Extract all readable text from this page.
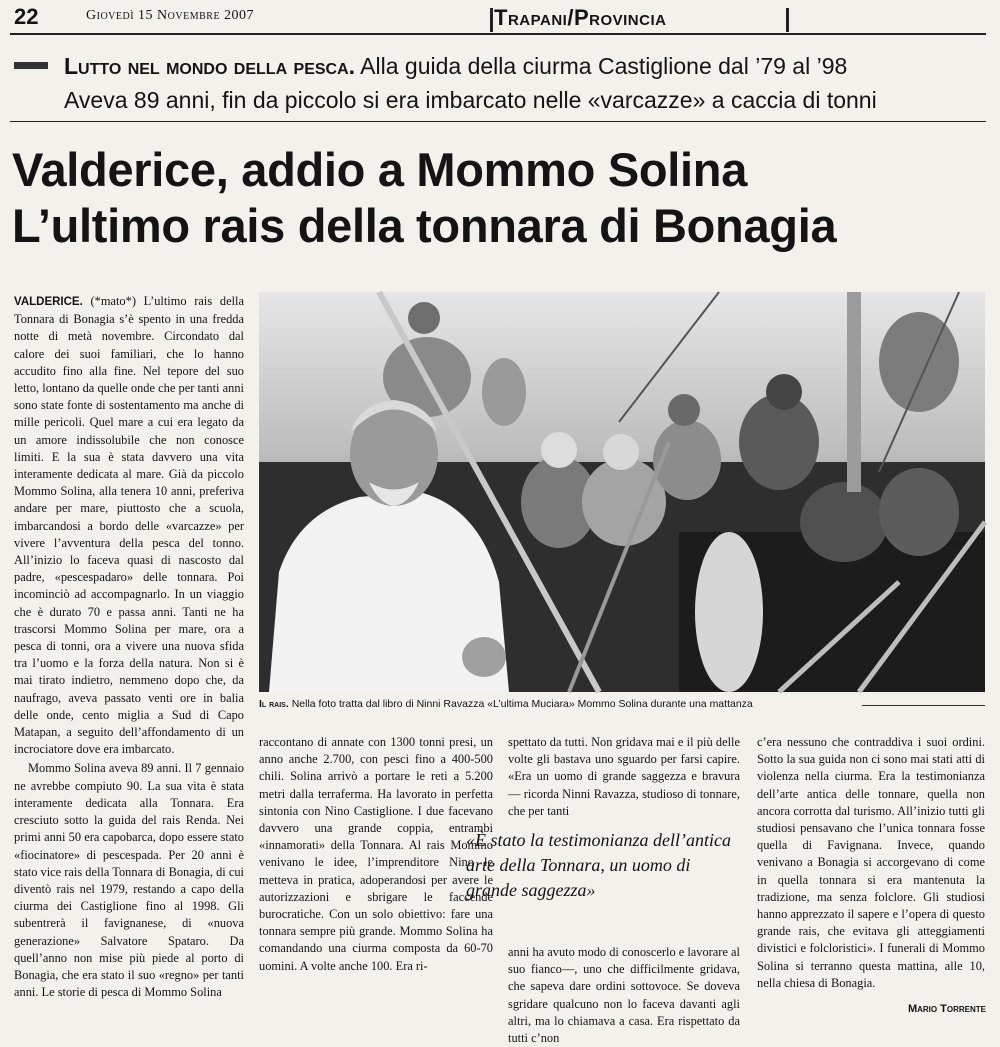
22	Giovedì 15 Novembre 2007	Trapani/Provincia
Lutto nel mondo della pesca. Alla guida della ciurma Castiglione dal ’79 al ’98
Aveva 89 anni, fin da piccolo si era imbarcato nelle «varcazze» a caccia di tonni
Valderice, addio a Mommo Solina
L’ultimo rais della tonnara di Bonagia

VALDERICE. (*mato*) L’ultimo rais della Tonnara di Bonagia s’è spento in una fredda notte di metà novembre. Circondato dal calore dei suoi familiari, che lo hanno accudito fino alla fine. Nel tepore del suo letto, lontano da quelle onde che per tanti anni sono state fonte di sostentamento ma anche di mille pericoli. Quel mare a cui era legato da un amore indissolubile che non conosce limiti. E la sua è stata davvero una vita interamente dedicata al mare. Già da piccolo Mommo Solina, alla tenera 10 anni, preferiva andare per mare, piuttosto che a scuola, imbarcandosi a bordo delle «varcazze» per vivere l’avventura della pesca del tonno. All’inizio lo faceva quasi di nascosto dal padre, «pescespadaro» delle tonnara. Poi incominciò ad accompagnarlo. In un viaggio che è durato 70 e passa anni. Tanti ne ha trascorsi Mommo Solina per mare, ora a pesca di tonni, ora a vivere una nuova sfida tra l’uomo e la forza della natura. Non si è mai tirato indietro, nemmeno dopo che, da naufrago, aveva passato venti ore in balia delle onde, cento miglia a Sud di Capo Matapan, a seguito dell’affondamento di un incrociatore dove era imbarcato.

Mommo Solina aveva 89 anni. Il 7 gennaio ne avrebbe compiuto 90. La sua vita è stata interamente dedicata alla Tonnara. Era cresciuto sotto la guida del rais Renda. Nei primi anni 50 era capobarca, dopo essere stato «fiocinatore» di pescespada. Per 20 anni è stato vice rais della Tonnara di Bonagia, di cui diventò rais nel 1979, restando a capo della ciurma dei Castiglione fino al 1998. Gli subentrerà il favignanese, di «nuova generazione» Salvatore Spataro. Da quell’anno non mise più piede al porto di Bonagia, che era stato il suo «regno» per tanti anni. Le storie di pesca di Mommo Solina

Il rais. Nella foto tratta dal libro di Ninni Ravazza «L’ultima Muciara» Mommo Solina durante una mattanza
raccontano di annate con 1300 tonni presi, un anno anche 2.700, con pesci fino a 400-500 chili. Solina arrivò a portare le reti a 5.200 metri dalla terraferma. Ha lavorato in perfetta sintonia con Nino Castiglione. I due facevano davvero una grande coppia, entrambi «innamorati» della Tonnara. Al rais Mommo venivano le idee, l’imprenditore Nino le metteva in pratica, adoperandosi per avere le autorizzazioni e sbrigare le faccende burocratiche. Con un solo obiettivo: fare una tonnara sempre più grande. Mommo Solina ha comandando una ciurma composta da 60-70 uomini. A volte anche 100. Era ri-
spettato da tutti. Non gridava mai e il più delle volte gli bastava uno sguardo per farsi capire. «Era un uomo di grande saggezza e bravura — ricorda Ninni Ravazza, studioso di tonnare, che per tanti
«È stato la testimonianza dell’antica arte della Tonnara, un uomo di grande saggezza»
anni ha avuto modo di conoscerlo e lavorare al suo fianco—, uno che difficilmente gridava, che sapeva dare ordini sottovoce. Se doveva sgridare qualcuno non lo faceva davanti agli altri, ma lo chiamava a casa. Era rispettato da tutti c’non
c’era nessuno che contraddiva i suoi ordini. Sotto la sua guida non ci sono mai stati atti di violenza nella ciurma. Era la testimonianza dell’arte antica delle tonnare, quella non ancora corrotta dal turismo. All’inizio tutti gli studiosi pensavano che l’unica tonnara fosse quella di Favignana. Invece, quando venivano a Bonagia si accorgevano di come in quella tonnara si era mantenuta la tradizione, ma senza folclore. Gli studiosi hanno apprezzato il sapere e l’opera di questo grande rais, che evitava gli atteggiamenti divistici e folcloristici». I funerali di Mommo Solina si terranno questa mattina, alle 10, nella chiesa di Bonagia.
Mario Torrente
